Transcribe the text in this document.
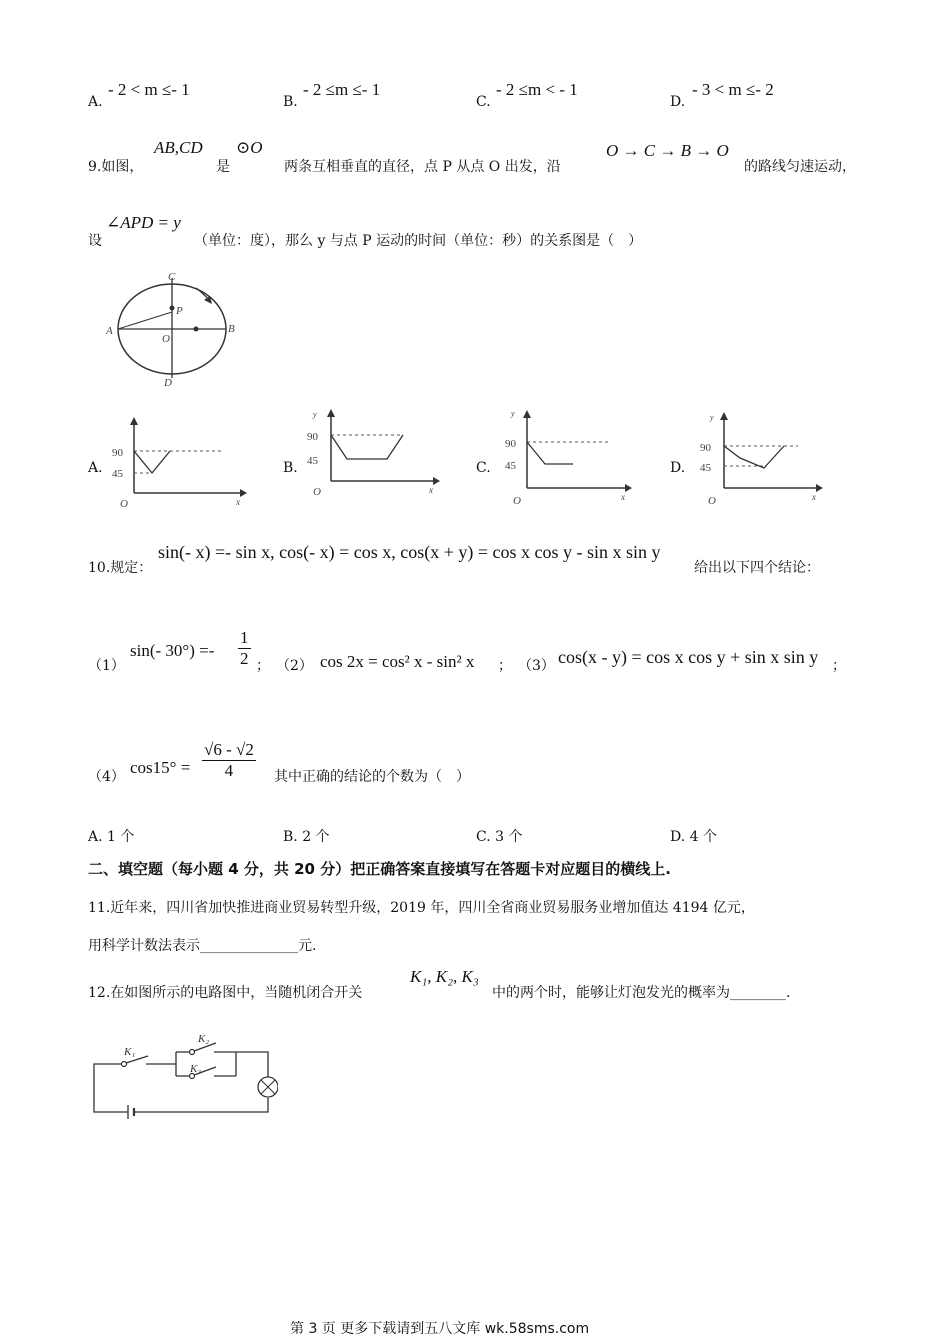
A.
- 2 < m ≤- 1
B.
- 2 ≤m ≤- 1
C.
- 2 ≤m < - 1
D.
- 3 < m ≤- 2
9.如图，
AB,CD
是
⊙O
两条互相垂直的直径，点 P 从点 O 出发，沿
O → C → B → O
的路线匀速运动，
设
∠APD = y
（单位：度），那么 y 与点 P 运动的时间（单位：秒）的关系图是（　）
C
P
A	B
O
D
A.
90
45
O	x
B.
90
45
O
y
x
C.
90
45
O
y
x
D.
90
45
O
y
x
10.规定：
sin(- x) =- sin x, cos(- x) = cos x, cos(x + y) = cos x cos y - sin x sin y
给出以下四个结论：
（1）
sin(- $30^\circ) =- \frac{1}{2}$ ； （2） cos 2x = cos² x - sin² x ； （3） cos(x - y) = cos x cos y + sin x sin y ；
（4） $\cos 15^\circ = \frac{√6 - √2}{4}$ 其中正确的结论的个数为（　）
A. 1 个	B. 2 个	C. 3 个	D. 4 个
二、填空题（每小题 4 分，共 20 分）把正确答案直接填写在答题卡对应题目的横线上.
11.近年来，四川省加快推进商业贸易转型升级，2019 年，四川全省商业贸易服务业增加值达 4194 亿元，
用科学计数法表示______________元.
12.在如图所示的电路图中，当随机闭合开关
K₁, K₂, K₃
中的两个时，能够让灯泡发光的概率为________.
K₁
K₂
K₃
第 3 页 更多下载请到五八文库 wk.58sms.com
